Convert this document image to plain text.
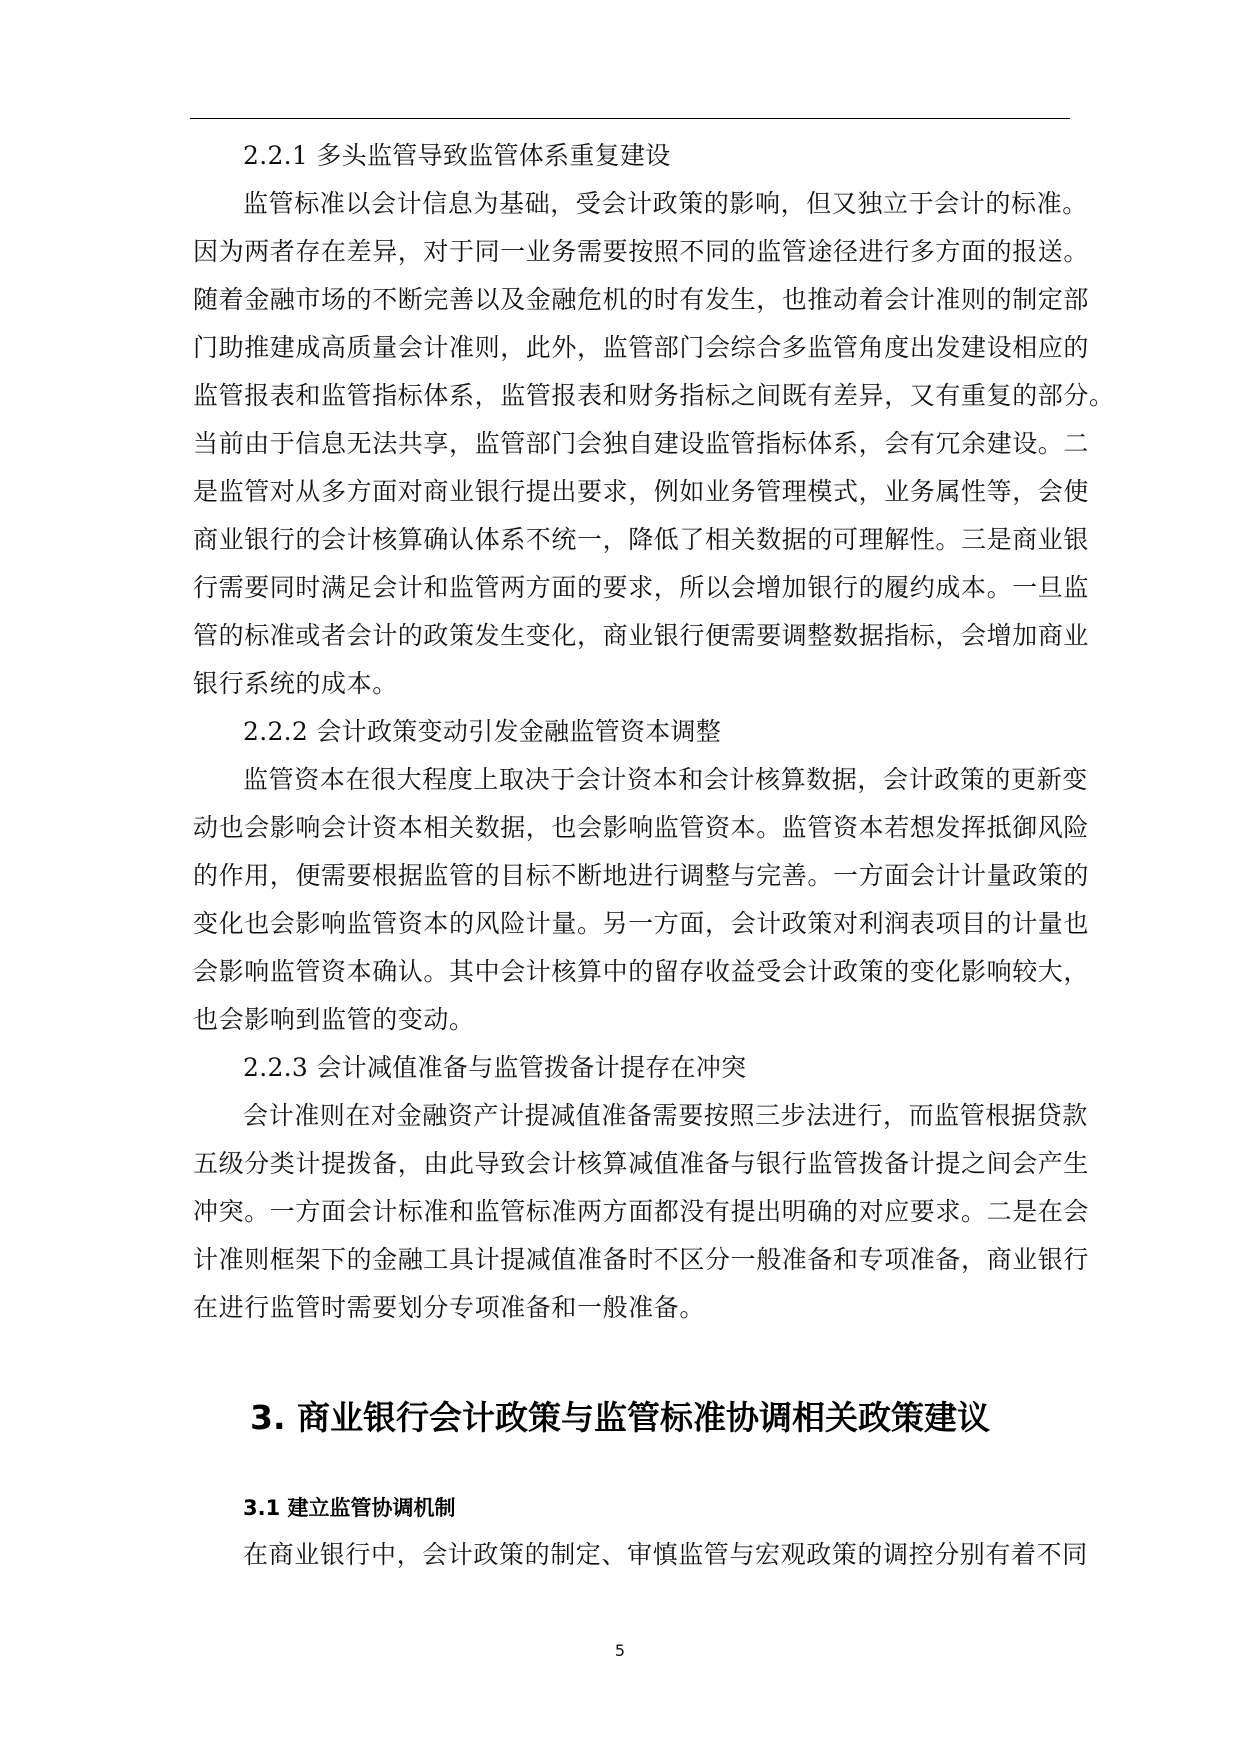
2.2.1 多头监管导致监管体系重复建设
监管标准以会计信息为基础，受会计政策的影响，但又独立于会计的标准。
因为两者存在差异，对于同一业务需要按照不同的监管途径进行多方面的报送。
随着金融市场的不断完善以及金融危机的时有发生，也推动着会计准则的制定部
门助推建成高质量会计准则，此外，监管部门会综合多监管角度出发建设相应的
监管报表和监管指标体系，监管报表和财务指标之间既有差异，又有重复的部分。
当前由于信息无法共享，监管部门会独自建设监管指标体系，会有冗余建设。二
是监管对从多方面对商业银行提出要求，例如业务管理模式，业务属性等，会使
商业银行的会计核算确认体系不统一，降低了相关数据的可理解性。三是商业银
行需要同时满足会计和监管两方面的要求，所以会增加银行的履约成本。一旦监
管的标准或者会计的政策发生变化，商业银行便需要调整数据指标，会增加商业
银行系统的成本。
2.2.2 会计政策变动引发金融监管资本调整
监管资本在很大程度上取决于会计资本和会计核算数据，会计政策的更新变
动也会影响会计资本相关数据，也会影响监管资本。监管资本若想发挥抵御风险
的作用，便需要根据监管的目标不断地进行调整与完善。一方面会计计量政策的
变化也会影响监管资本的风险计量。另一方面，会计政策对利润表项目的计量也
会影响监管资本确认。其中会计核算中的留存收益受会计政策的变化影响较大，
也会影响到监管的变动。
2.2.3 会计减值准备与监管拨备计提存在冲突
会计准则在对金融资产计提减值准备需要按照三步法进行，而监管根据贷款
五级分类计提拨备，由此导致会计核算减值准备与银行监管拨备计提之间会产生
冲突。一方面会计标准和监管标准两方面都没有提出明确的对应要求。二是在会
计准则框架下的金融工具计提减值准备时不区分一般准备和专项准备，商业银行
在进行监管时需要划分专项准备和一般准备。
3. 商业银行会计政策与监管标准协调相关政策建议
3.1 建立监管协调机制
在商业银行中，会计政策的制定、审慎监管与宏观政策的调控分别有着不同
5
